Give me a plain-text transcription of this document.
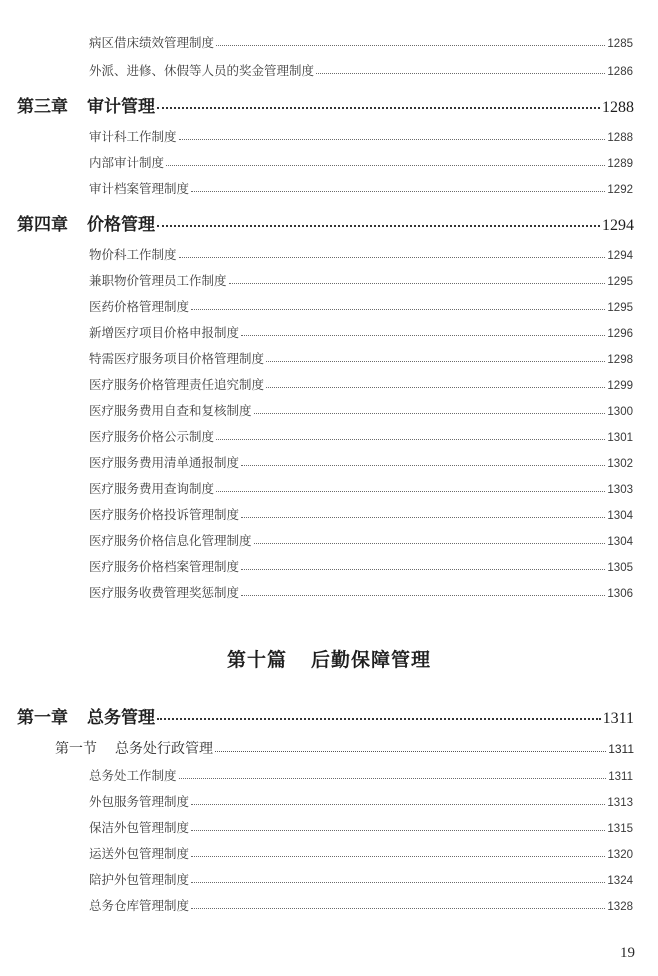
病区借床绩效管理制度	1285
外派、进修、休假等人员的奖金管理制度	1286
第三章 审计管理	1288
审计科工作制度	1288
内部审计制度	1289
审计档案管理制度	1292
第四章 价格管理	1294
物价科工作制度	1294
兼职物价管理员工作制度	1295
医药价格管理制度	1295
新增医疗项目价格申报制度	1296
特需医疗服务项目价格管理制度	1298
医疗服务价格管理责任追究制度	1299
医疗服务费用自查和复核制度	1300
医疗服务价格公示制度	1301
医疗服务费用清单通报制度	1302
医疗服务费用查询制度	1303
医疗服务价格投诉管理制度	1304
医疗服务价格信息化管理制度	1304
医疗服务价格档案管理制度	1305
医疗服务收费管理奖惩制度	1306
第十篇 后勤保障管理
第一章 总务管理	1311
第一节 总务处行政管理	1311
总务处工作制度	1311
外包服务管理制度	1313
保洁外包管理制度	1315
运送外包管理制度	1320
陪护外包管理制度	1324
总务仓库管理制度	1328
19
